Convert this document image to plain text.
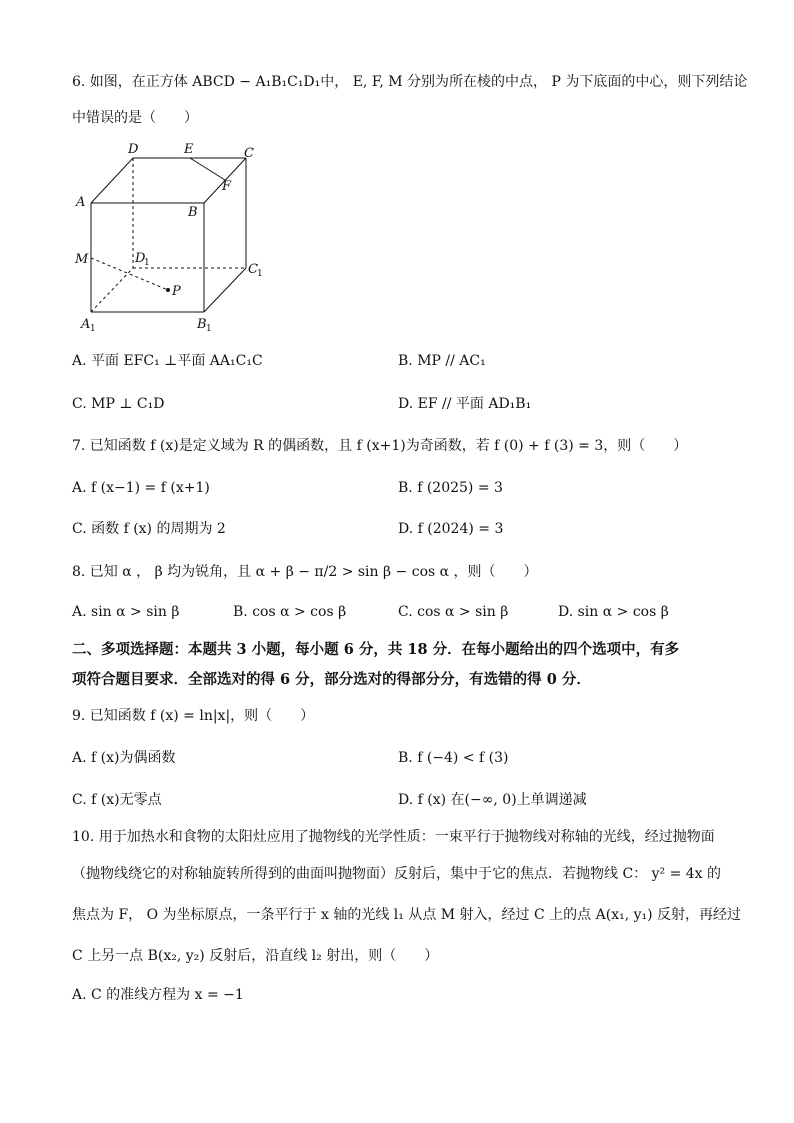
6. 如图，在正方体 ABCD − A₁B₁C₁D₁中， E, F, M 分别为所在棱的中点， P 为下底面的中心，则下列结论
中错误的是（　　）
D	E	C
A
B
F
M	D
1	C 1
P
A 1	B 1
A. 平面 EFC₁ ⊥平面 AA₁C₁C	B. MP // AC₁
C. MP ⊥ C₁D	D. EF // 平面 AD₁B₁
7. 已知函数 f (x)是定义域为 R 的偶函数，且 f (x+1)为奇函数，若 f (0) + f (3) = 3，则（　　）
A. f (x−1) = f (x+1)	B. f (2025) = 3
C. 函数 f (x) 的周期为 2	D. f (2024) = 3
8. 已知 α ， β 均为锐角，且 α + β − π/2 > sin β − cos α ，则（　　）
A. sin α > sin β	B. cos α > cos β	C. cos α > sin β	D. sin α > cos β
二、多项选择题：本题共 3 小题，每小题 6 分，共 18 分．在每小题给出的四个选项中，有多
项符合题目要求．全部选对的得 6 分，部分选对的得部分分，有选错的得 0 分．
9. 已知函数 f (x) = ln|x|，则（　　）
A. f (x)为偶函数	B. f (−4) < f (3)
C. f (x)无零点	D. f (x) 在(−∞, 0)上单调递减
10. 用于加热水和食物的太阳灶应用了抛物线的光学性质：一束平行于抛物线对称轴的光线，经过抛物面
（抛物线绕它的对称轴旋转所得到的曲面叫抛物面）反射后，集中于它的焦点．若抛物线 C： y² = 4x 的
焦点为 F， O 为坐标原点，一条平行于 x 轴的光线 l₁ 从点 M 射入，经过 C 上的点 A(x₁, y₁) 反射，再经过
C 上另一点 B(x₂, y₂) 反射后，沿直线 l₂ 射出，则（　　）
A. C 的准线方程为 x = −1
